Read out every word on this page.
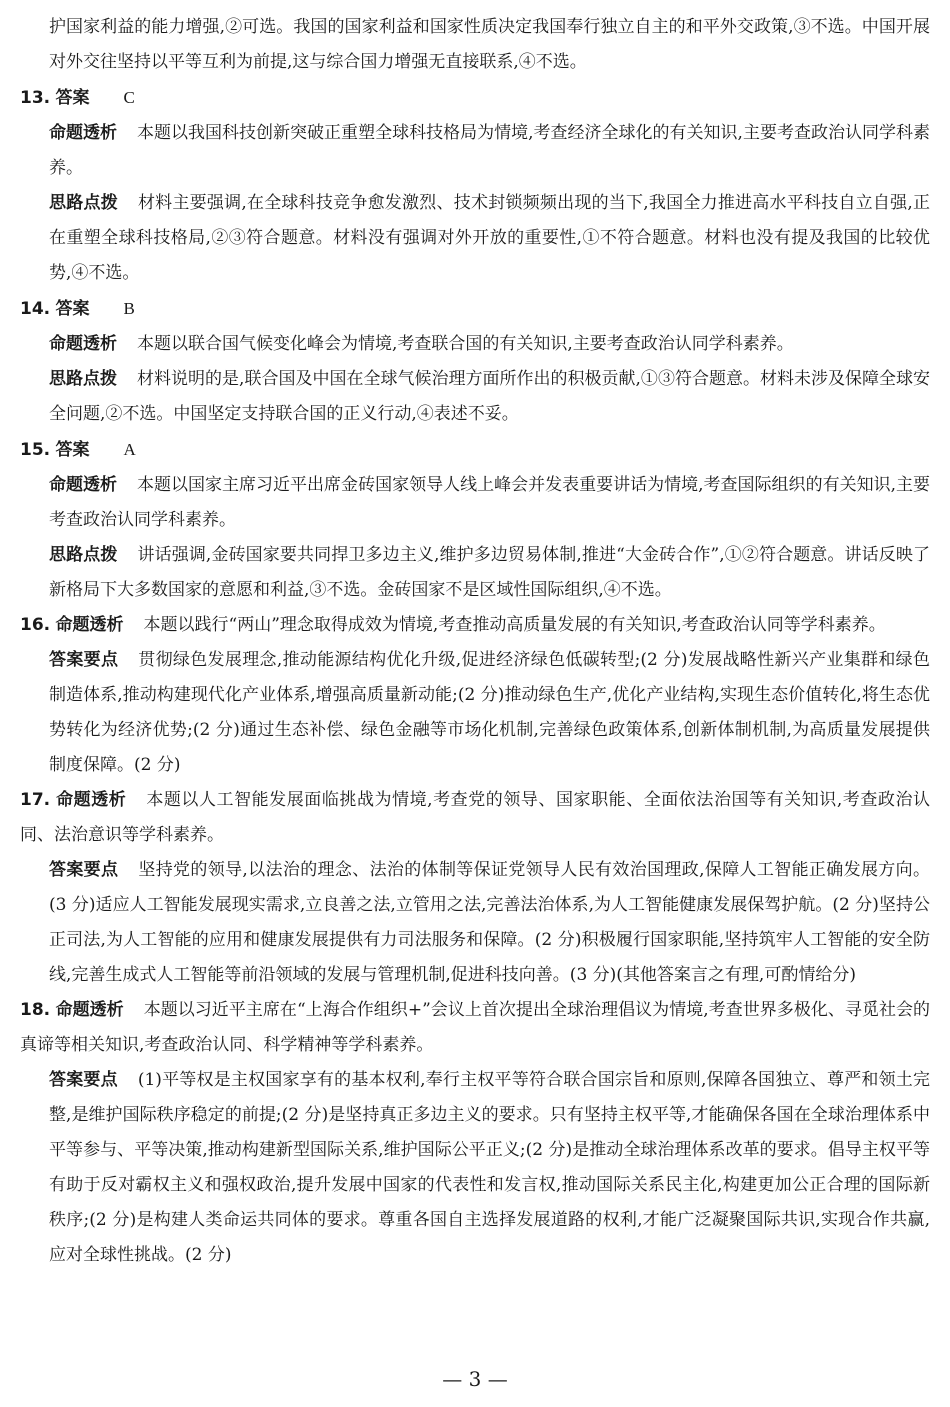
护国家利益的能力增强,②可选。我国的国家利益和国家性质决定我国奉行独立自主的和平外交政策,③不选。中国开展对外交往坚持以平等互利为前提,这与综合国力增强无直接联系,④不选。

13. 答案 C

命题透析 本题以我国科技创新突破正重塑全球科技格局为情境,考查经济全球化的有关知识,主要考查政治认同学科素养。

思路点拨 材料主要强调,在全球科技竞争愈发激烈、技术封锁频频出现的当下,我国全力推进高水平科技自立自强,正在重塑全球科技格局,②③符合题意。材料没有强调对外开放的重要性,①不符合题意。材料也没有提及我国的比较优势,④不选。

14. 答案 B

命题透析 本题以联合国气候变化峰会为情境,考查联合国的有关知识,主要考查政治认同学科素养。

思路点拨 材料说明的是,联合国及中国在全球气候治理方面所作出的积极贡献,①③符合题意。材料未涉及保障全球安全问题,②不选。中国坚定支持联合国的正义行动,④表述不妥。

15. 答案 A

命题透析 本题以国家主席习近平出席金砖国家领导人线上峰会并发表重要讲话为情境,考查国际组织的有关知识,主要考查政治认同学科素养。

思路点拨 讲话强调,金砖国家要共同捍卫多边主义,维护多边贸易体制,推进“大金砖合作”,①②符合题意。讲话反映了新格局下大多数国家的意愿和利益,③不选。金砖国家不是区域性国际组织,④不选。

16. 命题透析 本题以践行“两山”理念取得成效为情境,考查推动高质量发展的有关知识,考查政治认同等学科素养。

答案要点 贯彻绿色发展理念,推动能源结构优化升级,促进经济绿色低碳转型;(2 分)发展战略性新兴产业集群和绿色制造体系,推动构建现代化产业体系,增强高质量新动能;(2 分)推动绿色生产,优化产业结构,实现生态价值转化,将生态优势转化为经济优势;(2 分)通过生态补偿、绿色金融等市场化机制,完善绿色政策体系,创新体制机制,为高质量发展提供制度保障。(2 分)

17. 命题透析 本题以人工智能发展面临挑战为情境,考查党的领导、国家职能、全面依法治国等有关知识,考查政治认同、法治意识等学科素养。

答案要点 坚持党的领导,以法治的理念、法治的体制等保证党领导人民有效治国理政,保障人工智能正确发展方向。(3 分)适应人工智能发展现实需求,立良善之法,立管用之法,完善法治体系,为人工智能健康发展保驾护航。(2 分)坚持公正司法,为人工智能的应用和健康发展提供有力司法服务和保障。(2 分)积极履行国家职能,坚持筑牢人工智能的安全防线,完善生成式人工智能等前沿领域的发展与管理机制,促进科技向善。(3 分)(其他答案言之有理,可酌情给分)

18. 命题透析 本题以习近平主席在“上海合作组织+”会议上首次提出全球治理倡议为情境,考查世界多极化、寻觅社会的真谛等相关知识,考查政治认同、科学精神等学科素养。

答案要点 (1)平等权是主权国家享有的基本权利,奉行主权平等符合联合国宗旨和原则,保障各国独立、尊严和领土完整,是维护国际秩序稳定的前提;(2 分)是坚持真正多边主义的要求。只有坚持主权平等,才能确保各国在全球治理体系中平等参与、平等决策,推动构建新型国际关系,维护国际公平正义;(2 分)是推动全球治理体系改革的要求。倡导主权平等有助于反对霸权主义和强权政治,提升发展中国家的代表性和发言权,推动国际关系民主化,构建更加公正合理的国际新秩序;(2 分)是构建人类命运共同体的要求。尊重各国自主选择发展道路的权利,才能广泛凝聚国际共识,实现合作共赢,应对全球性挑战。(2 分)

— 3 —
